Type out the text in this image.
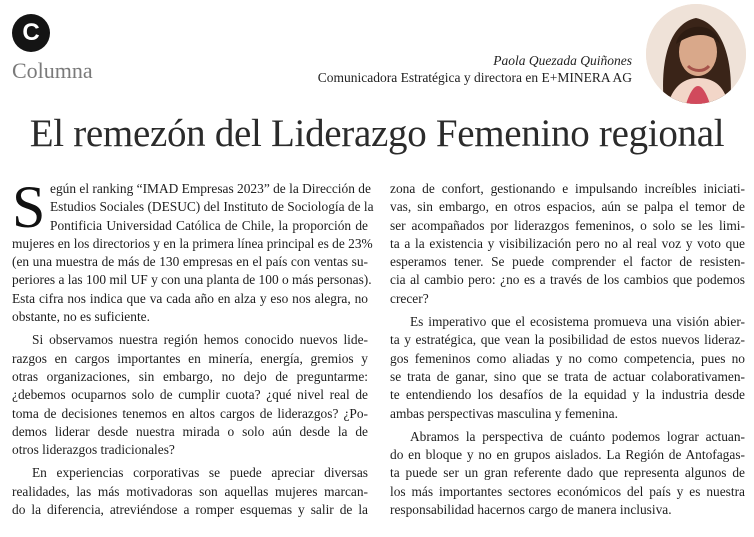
C
Columna	Paola Quezada Quiñones
Comunicadora Estratégica y directora en E+MINERA AG
El remezón del Liderazgo Femenino regional
S egún el ranking “IMAD Empresas 2023” de la Dirección de
Estudios Sociales (DESUC) del Instituto de Sociología de la
Pontificia Universidad Católica de Chile, la proporción de
mujeres en los directorios y en la primera línea principal es de 23%
(en una muestra de más de 130 empresas en el país con ventas su-
periores a las 100 mil UF y con una planta de 100 o más personas).
Esta cifra nos indica que va cada año en alza y eso nos alegra, no
obstante, no es suficiente.
Si observamos nuestra región hemos conocido nuevos lide-
razgos en cargos importantes en minería, energía, gremios y
otras organizaciones, sin embargo, no dejo de preguntarme:
¿debemos ocuparnos solo de cumplir cuota? ¿qué nivel real de
toma de decisiones tenemos en altos cargos de liderazgos? ¿Po-
demos liderar desde nuestra mirada o solo aún desde la de
otros liderazgos tradicionales?
En experiencias corporativas se puede apreciar diversas
realidades, las más motivadoras son aquellas mujeres marcan-
do la diferencia, atreviéndose a romper esquemas y salir de la
zona de confort, gestionando e impulsando increíbles iniciati-
vas, sin embargo, en otros espacios, aún se palpa el temor de
ser acompañados por liderazgos femeninos, o solo se les limi-
ta a la existencia y visibilización pero no al real voz y voto que
esperamos tener. Se puede comprender el factor de resisten-
cia al cambio pero: ¿no es a través de los cambios que podemos
crecer?
Es imperativo que el ecosistema promueva una visión abier-
ta y estratégica, que vean la posibilidad de estos nuevos lideraz-
gos femeninos como aliadas y no como competencia, pues no
se trata de ganar, sino que se trata de actuar colaborativamen-
te entendiendo los desafíos de la equidad y la industria desde
ambas perspectivas masculina y femenina.
Abramos la perspectiva de cuánto podemos lograr actuan-
do en bloque y no en grupos aislados. La Región de Antofagas-
ta puede ser un gran referente dado que representa algunos de
los más importantes sectores económicos del país y es nuestra
responsabilidad hacernos cargo de manera inclusiva.
